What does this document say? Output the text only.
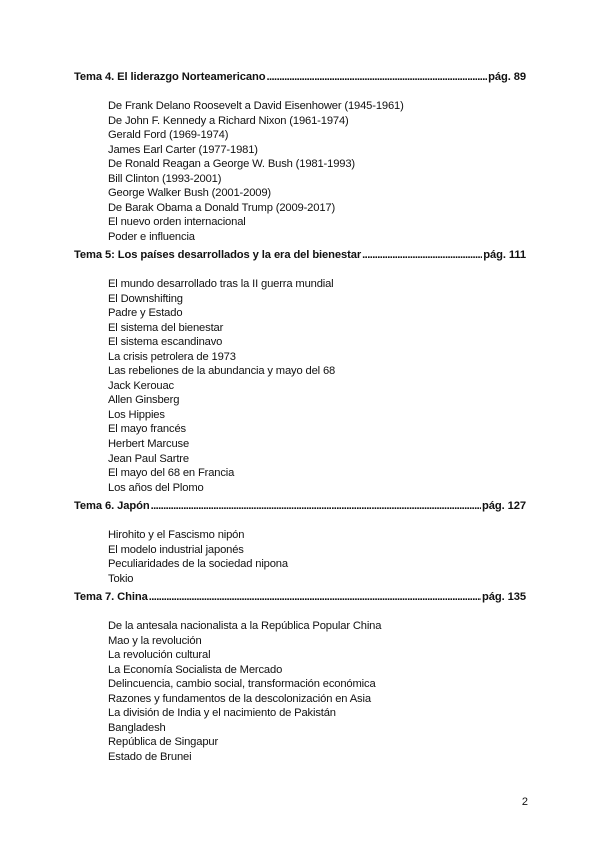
Tema 4. El liderazgo Norteamericano .....	pág. 89
De Frank Delano Roosevelt a David Eisenhower (1945-1961)
De John F. Kennedy a Richard Nixon (1961-1974)
Gerald Ford (1969-1974)
James Earl Carter (1977-1981)
De Ronald Reagan a George W. Bush (1981-1993)
Bill Clinton (1993-2001)
George Walker Bush (2001-2009)
De Barak Obama a Donald Trump (2009-2017)
El nuevo orden internacional
Poder e influencia
Tema 5: Los países desarrollados y la era del bienestar .....	pág. 111
El mundo desarrollado tras la II guerra mundial
El Downshifting
Padre y Estado
El sistema del bienestar
El sistema escandinavo
La crisis petrolera de 1973
Las rebeliones de la abundancia y mayo del 68
Jack Kerouac
Allen Ginsberg
Los Hippies
El mayo francés
Herbert Marcuse
Jean Paul Sartre
El mayo del 68 en Francia
Los años del Plomo
Tema 6. Japón .....	pág. 127
Hirohito y el Fascismo nipón
El modelo industrial japonés
Peculiaridades de la sociedad nipona
Tokio
Tema 7. China .....	pág. 135
De la antesala nacionalista a la República Popular China
Mao y la revolución
La revolución cultural
La Economía Socialista de Mercado
Delincuencia, cambio social, transformación económica
Razones y fundamentos de la descolonización en Asia
La división de India y el nacimiento de Pakistán
Bangladesh
República de Singapur
Estado de Brunei
2
